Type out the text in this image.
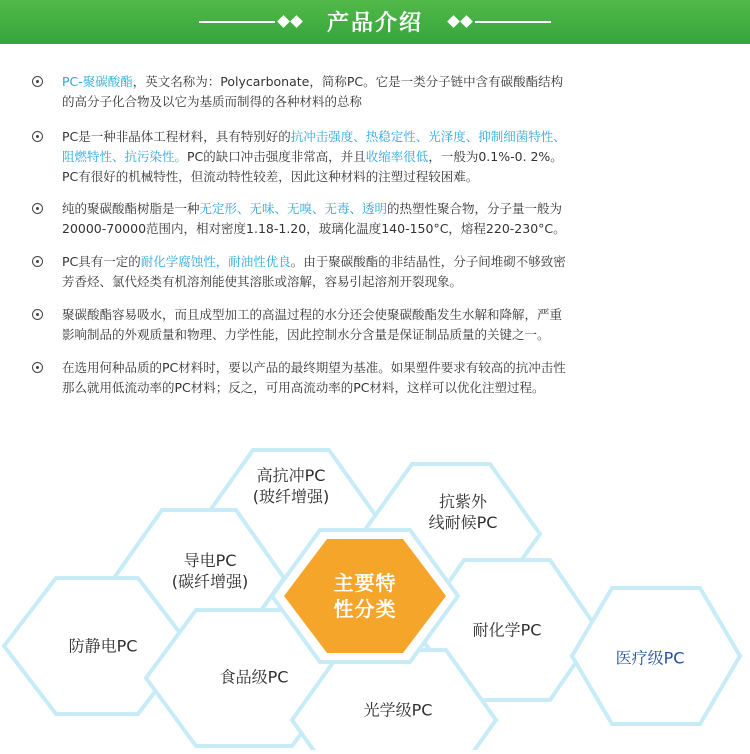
产品介绍
PC-聚碳酸酯，英文名称为：Polycarbonate，简称PC。它是一类分子链中含有碳酸酯结构
的高分子化合物及以它为基质而制得的各种材料的总称
PC是一种非晶体工程材料，具有特别好的抗冲击强度、热稳定性、光泽度、抑制细菌特性、
阻燃特性、抗污染性。PC的缺口冲击强度非常高，并且收缩率很低，一般为0.1%-0. 2%。
PC有很好的机械特性，但流动特性较差，因此这种材料的注塑过程较困难。
纯的聚碳酸酯树脂是一种无定形、无味、无嗅、无毒、透明的热塑性聚合物，分子量一般为
20000-70000范围内，相对密度1.18-1.20，玻璃化温度140-150°C，熔程220-230°C。
PC具有一定的耐化学腐蚀性，耐油性优良。由于聚碳酸酯的非结晶性，分子间堆砌不够致密
芳香烃、氯代烃类有机溶剂能使其溶胀或溶解，容易引起溶剂开裂现象。
聚碳酸酯容易吸水，而且成型加工的高温过程的水分还会使聚碳酸酯发生水解和降解，严重
影响制品的外观质量和物理、力学性能，因此控制水分含量是保证制品质量的关键之一。
在选用何种品质的PC材料时，要以产品的最终期望为基准。如果塑件要求有较高的抗冲击性
那么就用低流动率的PC材料；反之，可用高流动率的PC材料，这样可以优化注塑过程。
高抗冲PC
(玻纤增强)	抗紫外
线耐候PC
导电PC
(碳纤增强)
防静电PC
耐化学PC
食品级PC
光学级PC
医疗级PC
主要特
性分类
